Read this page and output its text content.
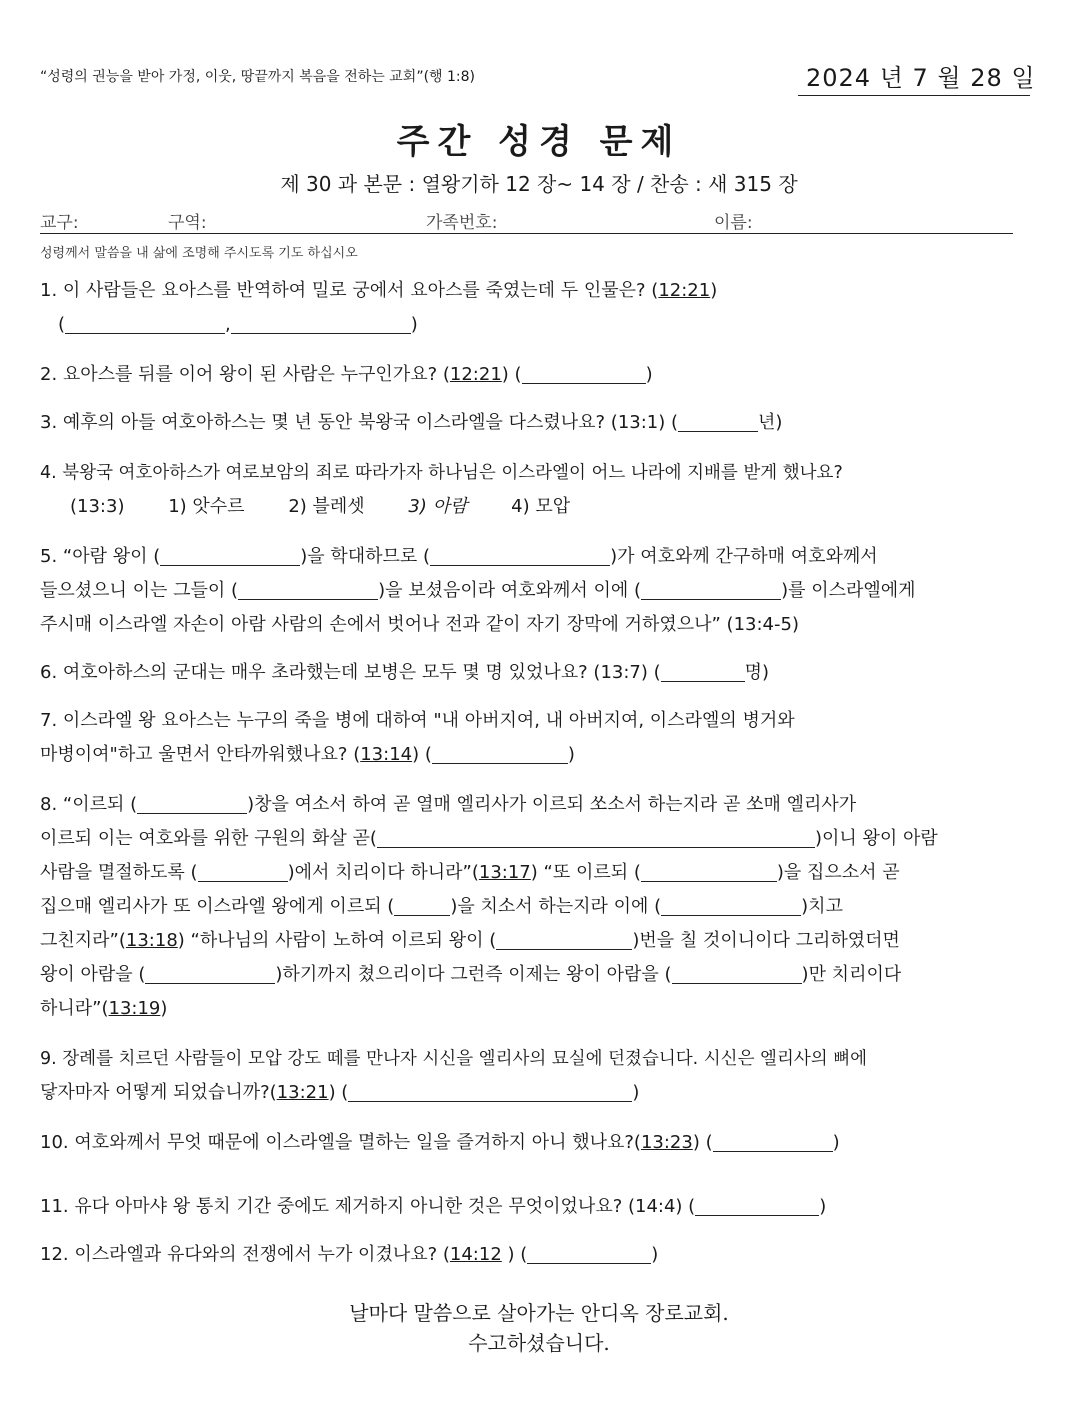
“성령의 권능을 받아 가정, 이웃, 땅끝까지 복음을 전하는 교회”(행 1:8)	2024 년 7 월 28 일
주간 성경 문제
제 30 과 본문 : 열왕기하 12 장~ 14 장 / 찬송 : 새 315 장
교구:	구역:	가족번호:	이름:
성령께서 말씀을 내 삶에 조명해 주시도록 기도 하십시오
1. 이 사람들은 요아스를 반역하여 밀로 궁에서 요아스를 죽였는데 두 인물은? (12:21)
(	,	)
2. 요아스를 뒤를 이어 왕이 된 사람은 누구인가요? (12:21) (	)
3. 예후의 아들 여호아하스는 몇 년 동안 북왕국 이스라엘을 다스렸나요? (13:1) (	년)
4. 북왕국 여호아하스가 여로보암의 죄로 따라가자 하나님은 이스라엘이 어느 나라에 지배를 받게 했나요?
(13:3) 1) 앗수르 2) 블레셋 3) 아람 4) 모압
5. “아람 왕이 (	)을 학대하므로 (	)가 여호와께 간구하매 여호와께서
들으셨으니 이는 그들이 (	)을 보셨음이라 여호와께서 이에 (	)를 이스라엘에게
주시매 이스라엘 자손이 아람 사람의 손에서 벗어나 전과 같이 자기 장막에 거하였으나” (13:4-5)
6. 여호아하스의 군대는 매우 초라했는데 보병은 모두 몇 명 있었나요? (13:7) (	명)
7. 이스라엘 왕 요아스는 누구의 죽을 병에 대하여 "내 아버지여, 내 아버지여, 이스라엘의 병거와
마병이여"하고 울면서 안타까워했나요? (13:14) (	)
8. “이르되 (	)창을 여소서 하여 곧 열매 엘리사가 이르되 쏘소서 하는지라 곧 쏘매 엘리사가
이르되 이는 여호와를 위한 구원의 화살 곧(	)이니 왕이 아람
사람을 멸절하도록 (	)에서 치리이다 하니라”(13:17) “또 이르되 (	)을 집으소서 곧
집으매 엘리사가 또 이스라엘 왕에게 이르되 (	)을 치소서 하는지라 이에 (	)치고
그친지라”(13:18) “하나님의 사람이 노하여 이르되 왕이 (	)번을 칠 것이니이다 그리하였더면
왕이 아람을 (	)하기까지 쳤으리이다 그런즉 이제는 왕이 아람을 (	)만 치리이다
하니라”(13:19)
9. 장례를 치르던 사람들이 모압 강도 떼를 만나자 시신을 엘리사의 묘실에 던졌습니다. 시신은 엘리사의 뼈에
닿자마자 어떻게 되었습니까?(13:21) (	)
10. 여호와께서 무엇 때문에 이스라엘을 멸하는 일을 즐겨하지 아니 했나요?(13:23) (	)
11. 유다 아마샤 왕 통치 기간 중에도 제거하지 아니한 것은 무엇이었나요? (14:4) (	)
12. 이스라엘과 유다와의 전쟁에서 누가 이겼나요? (14:12 ) (	)
날마다 말씀으로 살아가는 안디옥 장로교회.
수고하셨습니다.
